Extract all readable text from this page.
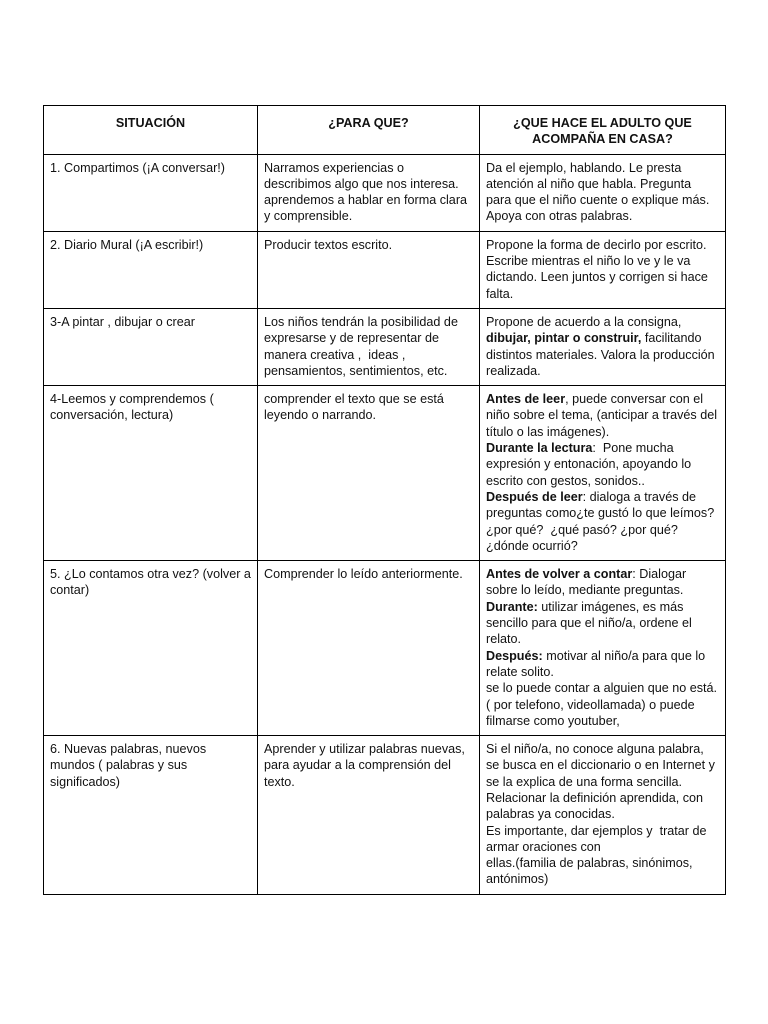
SITUACIÓN	¿PARA QUE?	¿QUE HACE EL ADULTO QUE ACOMPAÑA EN CASA?

1. Compartimos (¡A conversar!)	Narramos experiencias o describimos algo que nos interesa. aprendemos a hablar en forma clara y comprensible.	Da el ejemplo, hablando. Le presta atención al niño que habla. Pregunta para que el niño cuente o explique más. Apoya con otras palabras.

2. Diario Mural (¡A escribir!)	Producir textos escrito.	Propone la forma de decirlo por escrito. Escribe mientras el niño lo ve y le va dictando. Leen juntos y corrigen si hace falta.

3-A pintar , dibujar o crear	Los niños tendrán la posibilidad de  expresarse y de representar de manera creativa ,  ideas , pensamientos, sentimientos, etc.	Propone de acuerdo a la consigna, dibujar, pintar o construir, facilitando distintos materiales. Valora la producción realizada.

4-Leemos y comprendemos ( conversación, lectura)	comprender el texto que se está leyendo o narrando.	Antes de leer, puede conversar con el niño sobre el tema, (anticipar a través del título o las imágenes).
Durante la lectura:  Pone mucha expresión y entonación, apoyando lo escrito con gestos, sonidos..
Después de leer: dialoga a través de  preguntas como¿te gustó lo que leímos? ¿por qué?  ¿qué pasó? ¿por qué? ¿dónde ocurrió?

5. ¿Lo contamos otra vez? (volver a contar)	Comprender lo leído anteriormente.	Antes de volver a contar: Dialogar sobre lo leído, mediante preguntas.
Durante: utilizar imágenes, es más sencillo para que el niño/a, ordene el relato.
Después: motivar al niño/a para que lo relate solito.
se lo puede contar a alguien que no está.( por telefono, videollamada) o puede filmarse como youtuber,

6. Nuevas palabras, nuevos mundos ( palabras y sus significados)	Aprender y utilizar palabras nuevas, para ayudar a la comprensión del texto.	Si el niño/a, no conoce alguna palabra, se busca en el diccionario o en Internet y se la explica de una forma sencilla.
Relacionar la definición aprendida, con palabras ya conocidas.
Es importante, dar ejemplos y  tratar de armar oraciones con
ellas.(familia de palabras, sinónimos, antónimos)
